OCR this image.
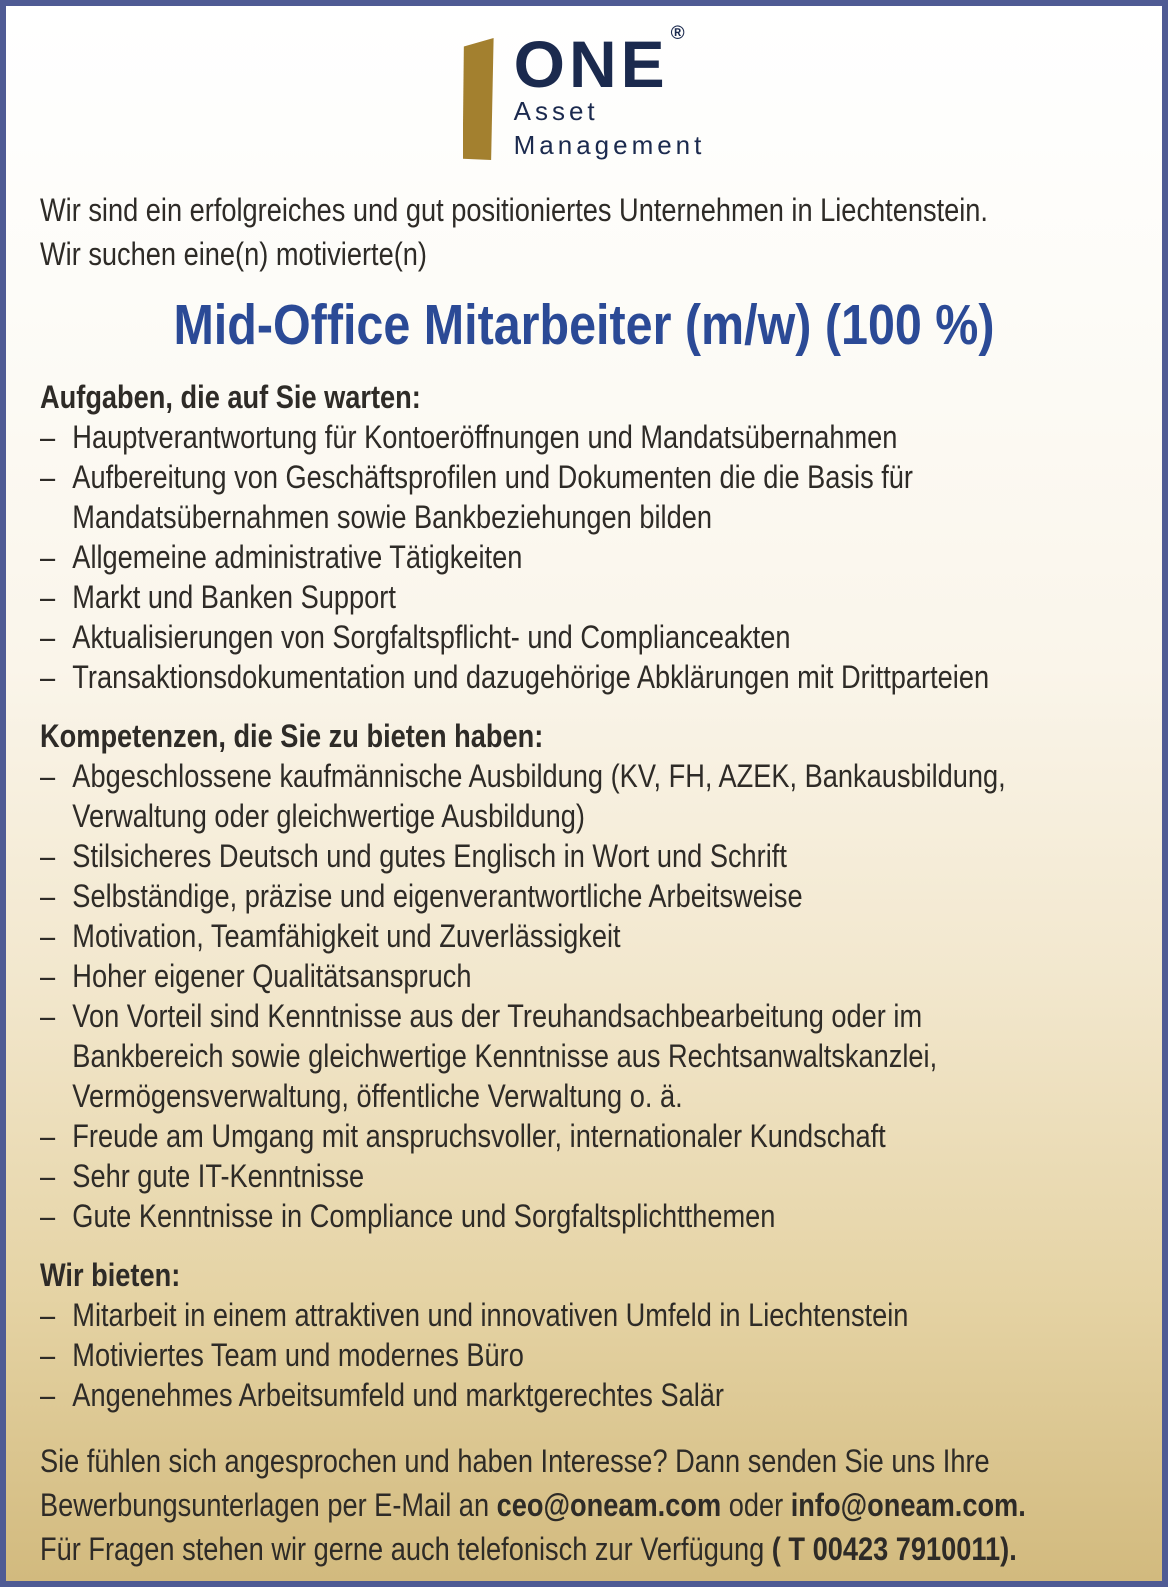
ONE ®
Asset
Management
Wir sind ein erfolgreiches und gut positioniertes Unternehmen in Liechtenstein.
Wir suchen eine(n) motivierte(n)
Mid-Office Mitarbeiter (m/w) (100 %)
Aufgaben, die auf Sie warten:
– Hauptverantwortung für Kontoeröffnungen und Mandatsübernahmen
– Aufbereitung von Geschäftsprofilen und Dokumenten die die Basis für
Mandatsübernahmen sowie Bankbeziehungen bilden
– Allgemeine administrative Tätigkeiten
– Markt und Banken Support
– Aktualisierungen von Sorgfaltspflicht- und Complianceakten
– Transaktionsdokumentation und dazugehörige Abklärungen mit Drittparteien
Kompetenzen, die Sie zu bieten haben:
– Abgeschlossene kaufmännische Ausbildung (KV, FH, AZEK, Bankausbildung,
Verwaltung oder gleichwertige Ausbildung)
– Stilsicheres Deutsch und gutes Englisch in Wort und Schrift
– Selbständige, präzise und eigenverantwortliche Arbeitsweise
– Motivation, Teamfähigkeit und Zuverlässigkeit
– Hoher eigener Qualitätsanspruch
– Von Vorteil sind Kenntnisse aus der Treuhandsachbearbeitung oder im
Bankbereich sowie gleichwertige Kenntnisse aus Rechtsanwaltskanzlei,
Vermögensverwaltung, öffentliche Verwaltung o. ä.
– Freude am Umgang mit anspruchsvoller, internationaler Kundschaft
– Sehr gute IT-Kenntnisse
– Gute Kenntnisse in Compliance und Sorgfaltsplichtthemen
Wir bieten:
– Mitarbeit in einem attraktiven und innovativen Umfeld in Liechtenstein
– Motiviertes Team und modernes Büro
– Angenehmes Arbeitsumfeld und marktgerechtes Salär
Sie fühlen sich angesprochen und haben Interesse? Dann senden Sie uns Ihre
Bewerbungsunterlagen per E-Mail an ceo@oneam.com oder info@oneam.com.
Für Fragen stehen wir gerne auch telefonisch zur Verfügung ( T 00423 7910011).
